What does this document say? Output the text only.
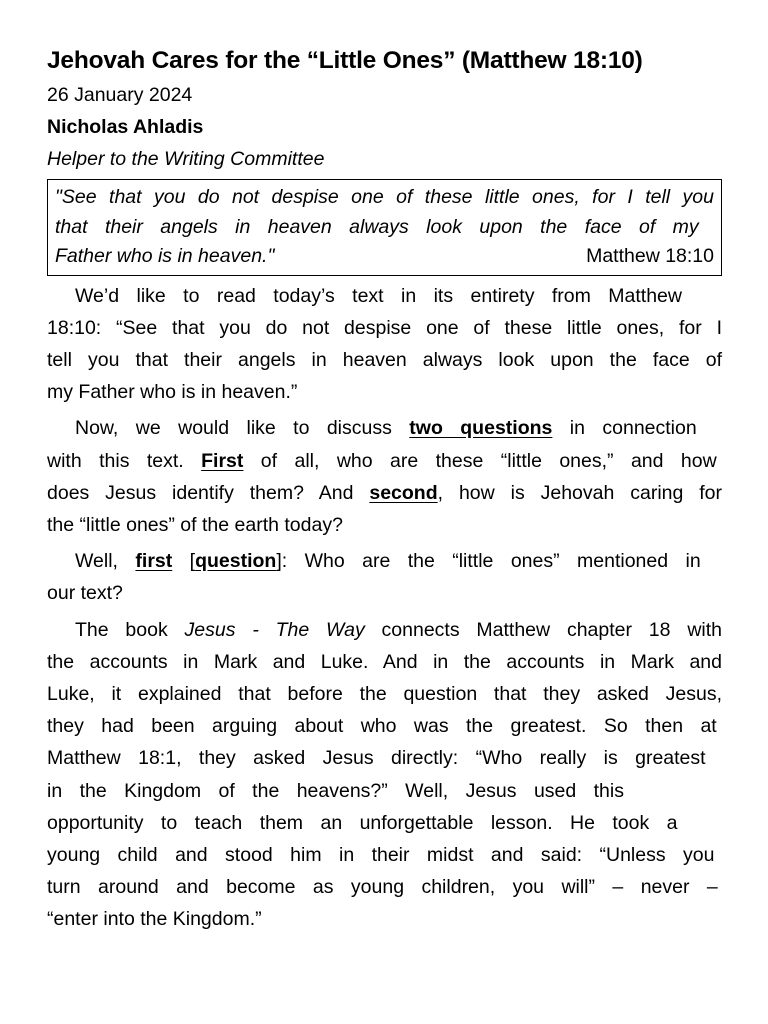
Jehovah Cares for the “Little Ones” (Matthew 18:10)
26 January 2024
Nicholas Ahladis
Helper to the Writing Committee
"See that you do not despise one of these little ones, for I tell you
that their angels in heaven always look upon the face of my
Father who is in heaven."	Matthew 18:10
We’d like to read today’s text in its entirety from Matthew
18:10: “See that you do not despise one of these little ones, for I
tell you that their angels in heaven always look upon the face of
my Father who is in heaven.”
Now, we would like to discuss two questions in connection
with this text. First of all, who are these “little ones,” and how
does Jesus identify them? And second , how is Jehovah caring for
the “little ones” of the earth today?
Well, first [ question ]: Who are the “little ones” mentioned in
our text?
The book Jesus - The Way connects Matthew chapter 18 with
the accounts in Mark and Luke. And in the accounts in Mark and
Luke, it explained that before the question that they asked Jesus,
they had been arguing about who was the greatest. So then at
Matthew 18:1, they asked Jesus directly: “Who really is greatest
in the Kingdom of the heavens?” Well, Jesus used this
opportunity to teach them an unforgettable lesson. He took a
young child and stood him in their midst and said: “Unless you
turn around and become as young children, you will” – never –
“enter into the Kingdom.”
